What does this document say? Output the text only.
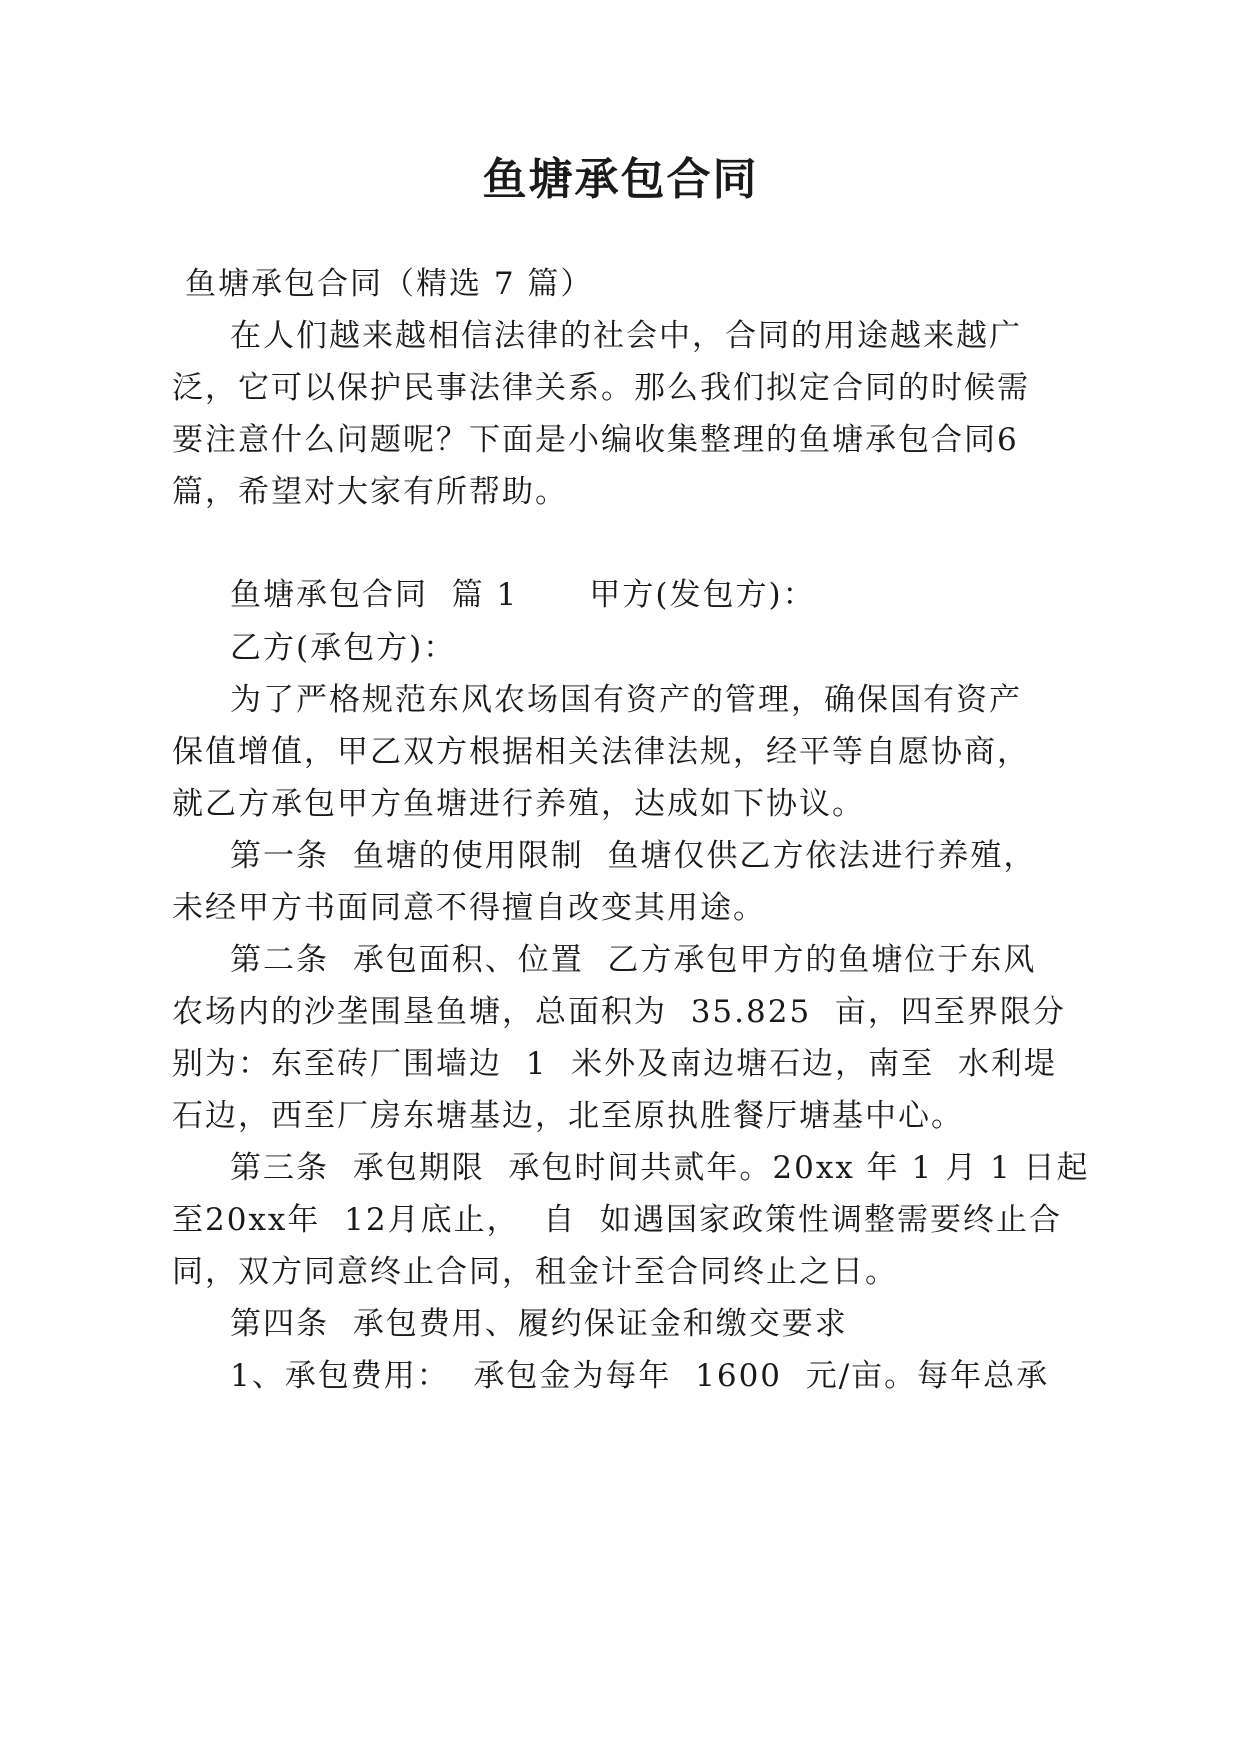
鱼塘承包合同
鱼塘承包合同（精选 7 篇）
在人们越来越相信法律的社会中，合同的用途越来越广
泛，它可以保护民事法律关系。那么我们拟定合同的时候需
要注意什么问题呢？下面是小编收集整理的鱼塘承包合同6
篇，希望对大家有所帮助。
鱼塘承包合同  篇 1      甲方(发包方)：
乙方(承包方)：
为了严格规范东风农场国有资产的管理，确保国有资产
保值增值，甲乙双方根据相关法律法规，经平等自愿协商，
就乙方承包甲方鱼塘进行养殖，达成如下协议。
第一条  鱼塘的使用限制  鱼塘仅供乙方依法进行养殖，
未经甲方书面同意不得擅自改变其用途。
第二条  承包面积、位置  乙方承包甲方的鱼塘位于东风
农场内的沙垄围垦鱼塘，总面积为  35.825  亩，四至界限分
别为：东至砖厂围墙边  1  米外及南边塘石边，南至  水利堤
石边，西至厂房东塘基边，北至原执胜餐厅塘基中心。
第三条  承包期限  承包时间共贰年。20xx 年 1 月 1 日起
至20xx年  12月底止，  自  如遇国家政策性调整需要终止合
同，双方同意终止合同，租金计至合同终止之日。
第四条  承包费用、履约保证金和缴交要求
1、承包费用：  承包金为每年  1600  元/亩。每年总承
